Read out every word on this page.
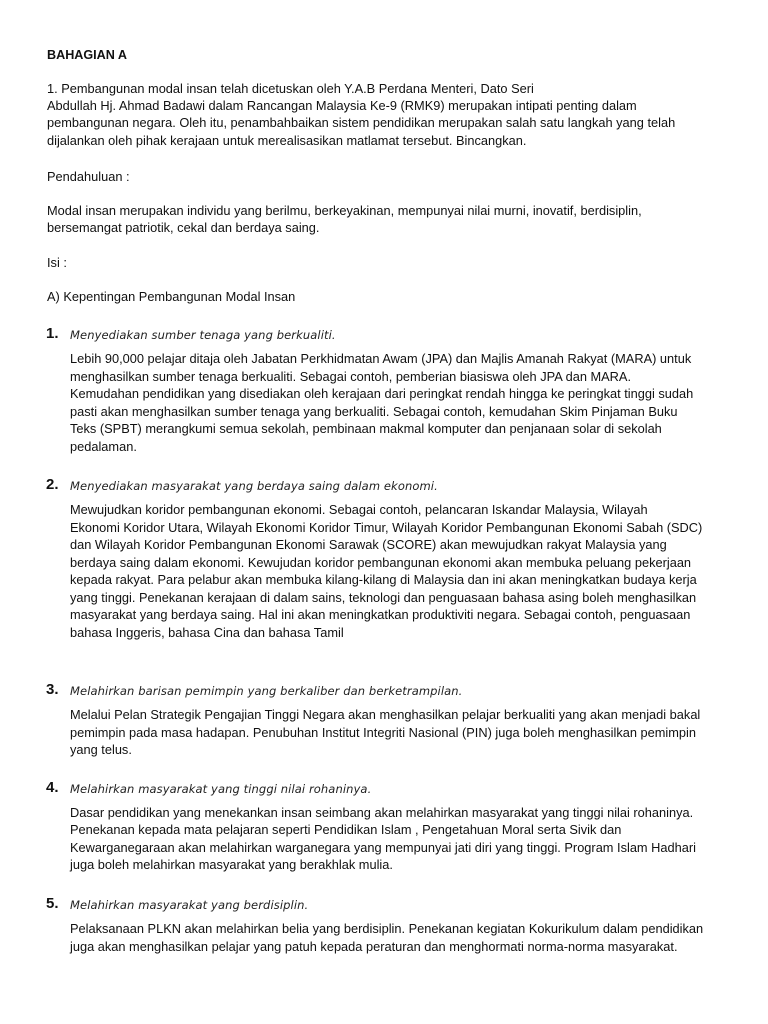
BAHAGIAN A
1. Pembangunan modal insan telah dicetuskan oleh Y.A.B Perdana Menteri, Dato Seri
Abdullah Hj. Ahmad Badawi dalam Rancangan Malaysia Ke-9 (RMK9) merupakan intipati penting dalam
pembangunan negara. Oleh itu, penambahbaikan sistem pendidikan merupakan salah satu langkah yang telah
dijalankan oleh pihak kerajaan untuk merealisasikan matlamat tersebut. Bincangkan.
Pendahuluan :
Modal insan merupakan individu yang berilmu, berkeyakinan, mempunyai nilai murni, inovatif, berdisiplin,
bersemangat patriotik, cekal dan berdaya saing.
Isi :
A) Kepentingan Pembangunan Modal Insan
1. Menyediakan sumber tenaga yang berkualiti.
Lebih 90,000 pelajar ditaja oleh Jabatan Perkhidmatan Awam (JPA) dan Majlis Amanah Rakyat (MARA) untuk
menghasilkan sumber tenaga berkualiti. Sebagai contoh, pemberian biasiswa oleh JPA dan MARA.
Kemudahan pendidikan yang disediakan oleh kerajaan dari peringkat rendah hingga ke peringkat tinggi sudah
pasti akan menghasilkan sumber tenaga yang berkualiti. Sebagai contoh, kemudahan Skim Pinjaman Buku
Teks (SPBT) merangkumi semua sekolah, pembinaan makmal komputer dan penjanaan solar di sekolah
pedalaman.
2. Menyediakan masyarakat yang berdaya saing dalam ekonomi.
Mewujudkan koridor pembangunan ekonomi. Sebagai contoh, pelancaran Iskandar Malaysia, Wilayah
Ekonomi Koridor Utara, Wilayah Ekonomi Koridor Timur, Wilayah Koridor Pembangunan Ekonomi Sabah (SDC)
dan Wilayah Koridor Pembangunan Ekonomi Sarawak (SCORE) akan mewujudkan rakyat Malaysia yang
berdaya saing dalam ekonomi. Kewujudan koridor pembangunan ekonomi akan membuka peluang pekerjaan
kepada rakyat. Para pelabur akan membuka kilang-kilang di Malaysia dan ini akan meningkatkan budaya kerja
yang tinggi. Penekanan kerajaan di dalam sains, teknologi dan penguasaan bahasa asing boleh menghasilkan
masyarakat yang berdaya saing. Hal ini akan meningkatkan produktiviti negara. Sebagai contoh, penguasaan
bahasa Inggeris, bahasa Cina dan bahasa Tamil
3. Melahirkan barisan pemimpin yang berkaliber dan berketrampilan.
Melalui Pelan Strategik Pengajian Tinggi Negara akan menghasilkan pelajar berkualiti yang akan menjadi bakal
pemimpin pada masa hadapan. Penubuhan Institut Integriti Nasional (PIN) juga boleh menghasilkan pemimpin
yang telus.
4. Melahirkan masyarakat yang tinggi nilai rohaninya.
Dasar pendidikan yang menekankan insan seimbang akan melahirkan masyarakat yang tinggi nilai rohaninya.
Penekanan kepada mata pelajaran seperti Pendidikan Islam , Pengetahuan Moral serta Sivik dan
Kewarganegaraan akan melahirkan warganegara yang mempunyai jati diri yang tinggi. Program Islam Hadhari
juga boleh melahirkan masyarakat yang berakhlak mulia.
5. Melahirkan masyarakat yang berdisiplin.
Pelaksanaan PLKN akan melahirkan belia yang berdisiplin. Penekanan kegiatan Kokurikulum dalam pendidikan
juga akan menghasilkan pelajar yang patuh kepada peraturan dan menghormati norma-norma masyarakat.
